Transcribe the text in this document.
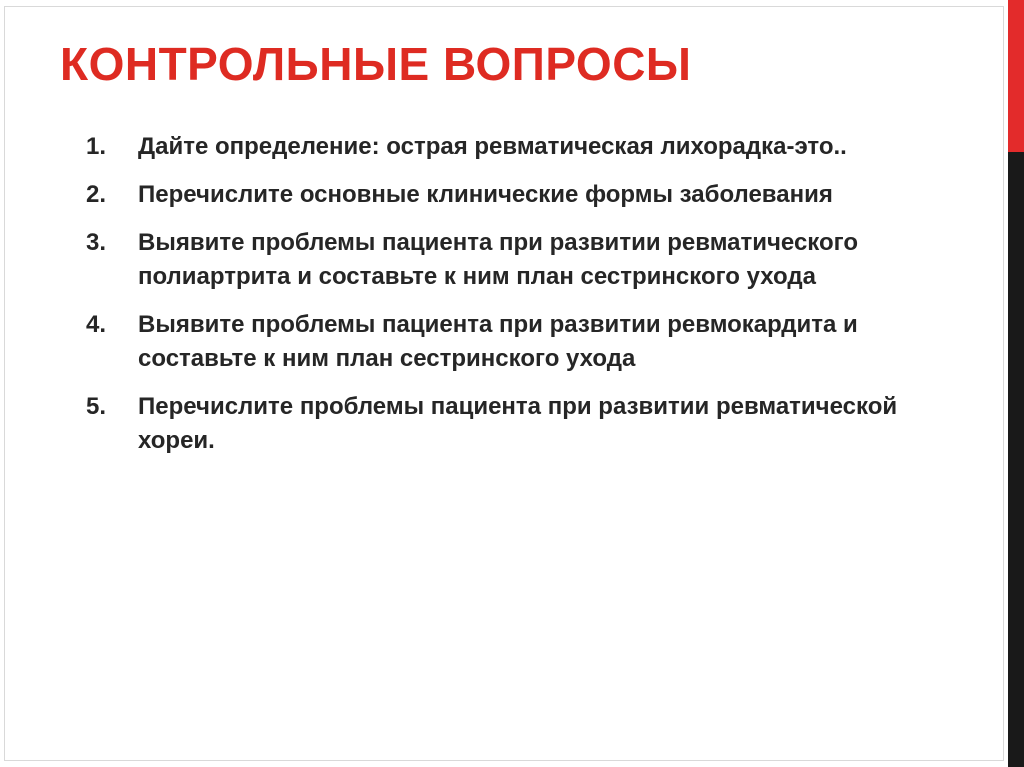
КОНТРОЛЬНЫЕ ВОПРОСЫ
1.	Дайте определение: острая ревматическая лихорадка-это..
2.	Перечислите основные клинические формы заболевания
3.	Выявите проблемы пациента при развитии ревматического полиартрита и составьте к ним план сестринского ухода
4.	Выявите проблемы пациента при развитии ревмокардита и составьте к ним план сестринского ухода
5.	Перечислите проблемы пациента при развитии ревматической хореи.
